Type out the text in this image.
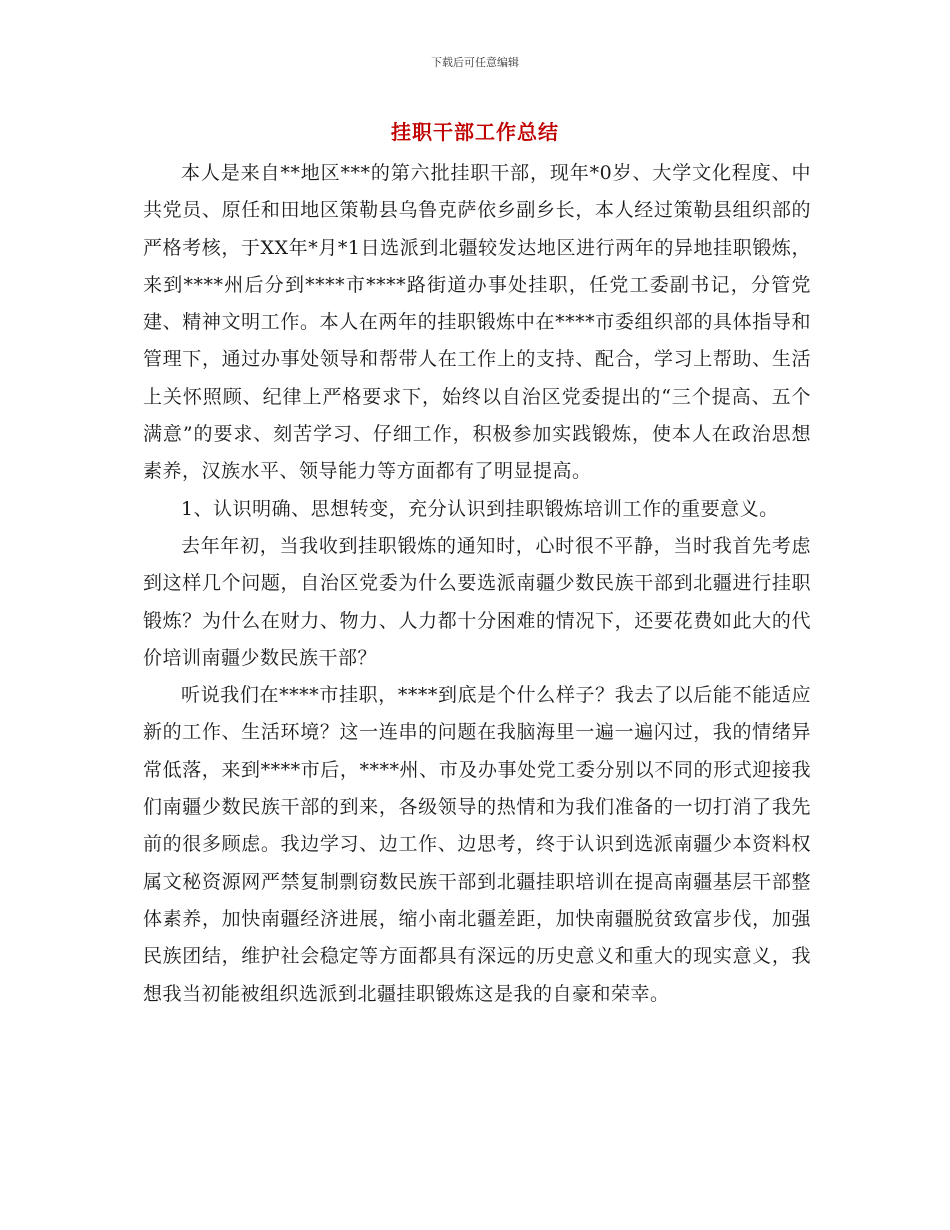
下载后可任意编辑
挂职干部工作总结

本人是来自**地区***的第六批挂职干部，现年*0岁、大学文化程度、中共党员、原任和田地区策勒县乌鲁克萨依乡副乡长，本人经过策勒县组织部的严格考核，于XX年*月*1日选派到北疆较发达地区进行两年的异地挂职锻炼，来到****州后分到****市****路街道办事处挂职，任党工委副书记，分管党建、精神文明工作。本人在两年的挂职锻炼中在****市委组织部的具体指导和管理下，通过办事处领导和帮带人在工作上的支持、配合，学习上帮助、生活上关怀照顾、纪律上严格要求下，始终以自治区党委提出的“三个提高、五个满意”的要求、刻苦学习、仔细工作，积极参加实践锻炼，使本人在政治思想素养，汉族水平、领导能力等方面都有了明显提高。

1、认识明确、思想转变，充分认识到挂职锻炼培训工作的重要意义。

去年年初，当我收到挂职锻炼的通知时，心时很不平静，当时我首先考虑到这样几个问题，自治区党委为什么要选派南疆少数民族干部到北疆进行挂职锻炼？为什么在财力、物力、人力都十分困难的情况下，还要花费如此大的代价培训南疆少数民族干部？

听说我们在****市挂职，****到底是个什么样子？我去了以后能不能适应新的工作、生活环境？这一连串的问题在我脑海里一遍一遍闪过，我的情绪异常低落，来到****市后，****州、市及办事处党工委分别以不同的形式迎接我们南疆少数民族干部的到来，各级领导的热情和为我们准备的一切打消了我先前的很多顾虑。我边学习、边工作、边思考，终于认识到选派南疆少本资料权属文秘资源网严禁复制剽窃数民族干部到北疆挂职培训在提高南疆基层干部整体素养，加快南疆经济进展，缩小南北疆差距，加快南疆脱贫致富步伐，加强民族团结，维护社会稳定等方面都具有深远的历史意义和重大的现实意义，我想我当初能被组织选派到北疆挂职锻炼这是我的自豪和荣幸。
